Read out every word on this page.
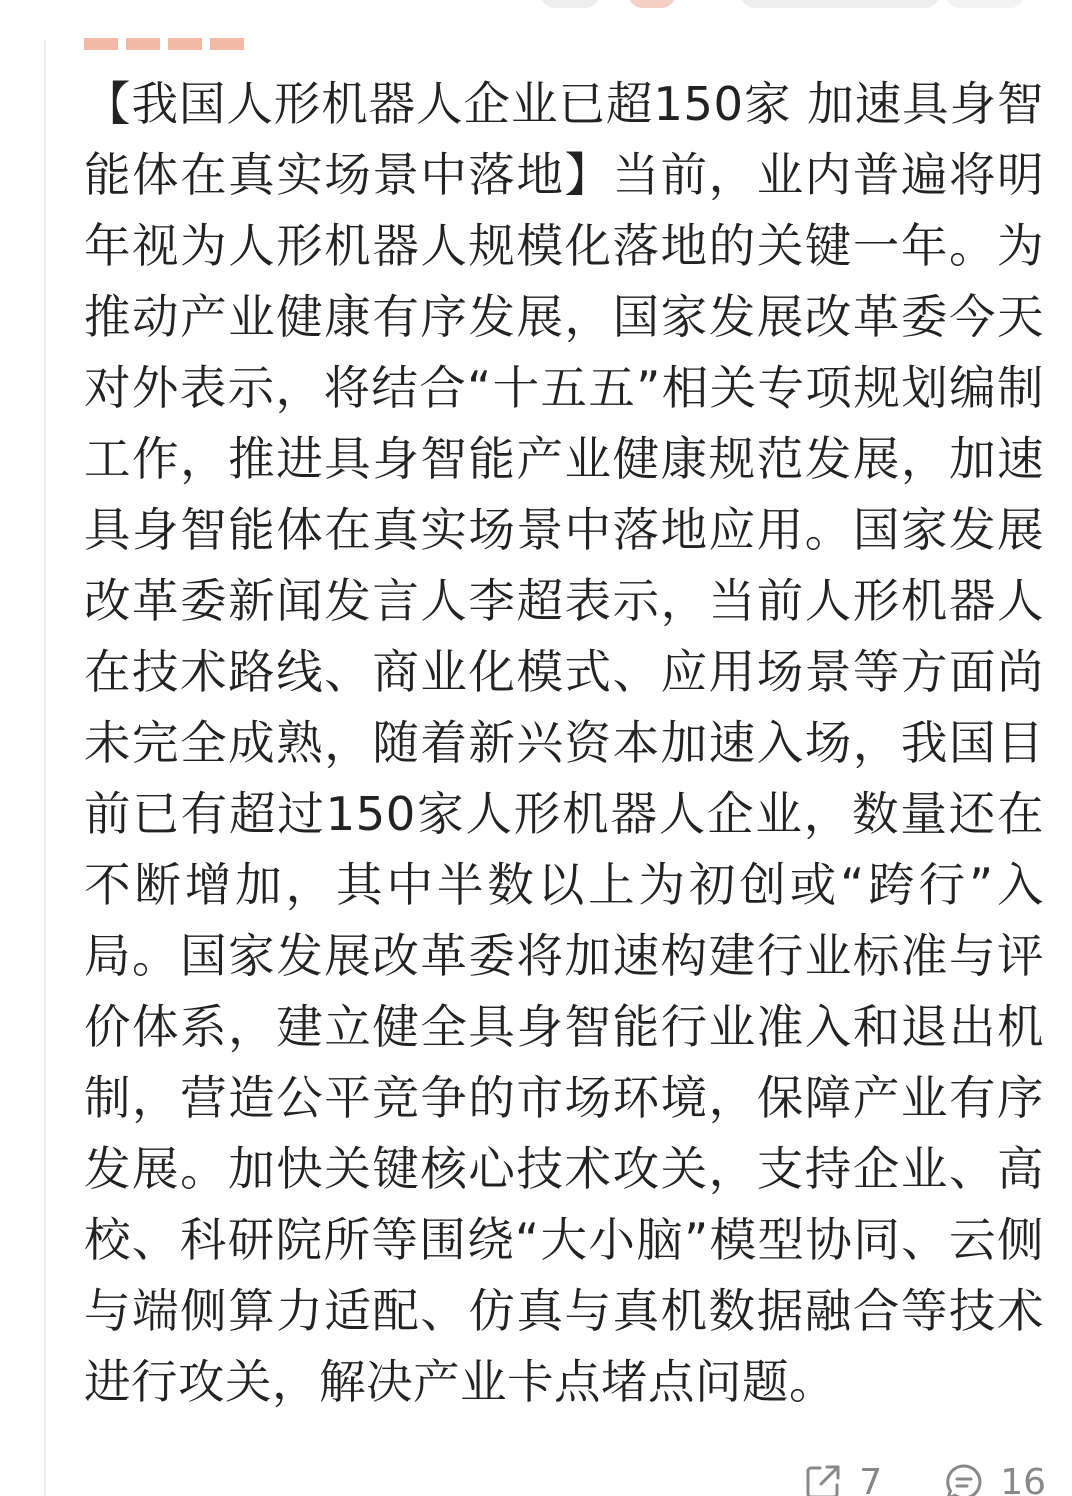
【我国人形机器人企业已超150家 加速具身智能体在真实场景中落地】当前，业内普遍将明年视为人形机器人规模化落地的关键一年。为推动产业健康有序发展，国家发展改革委今天对外表示，将结合“十五五”相关专项规划编制工作，推进具身智能产业健康规范发展，加速具身智能体在真实场景中落地应用。国家发展改革委新闻发言人李超表示，当前人形机器人在技术路线、商业化模式、应用场景等方面尚未完全成熟，随着新兴资本加速入场，我国目前已有超过150家人形机器人企业，数量还在不断增加，其中半数以上为初创或“跨行”入局。国家发展改革委将加速构建行业标准与评价体系，建立健全具身智能行业准入和退出机制，营造公平竞争的市场环境，保障产业有序发展。加快关键核心技术攻关，支持企业、高校、科研院所等围绕“大小脑”模型协同、云侧与端侧算力适配、仿真与真机数据融合等技术进行攻关，解决产业卡点堵点问题。

7	16
